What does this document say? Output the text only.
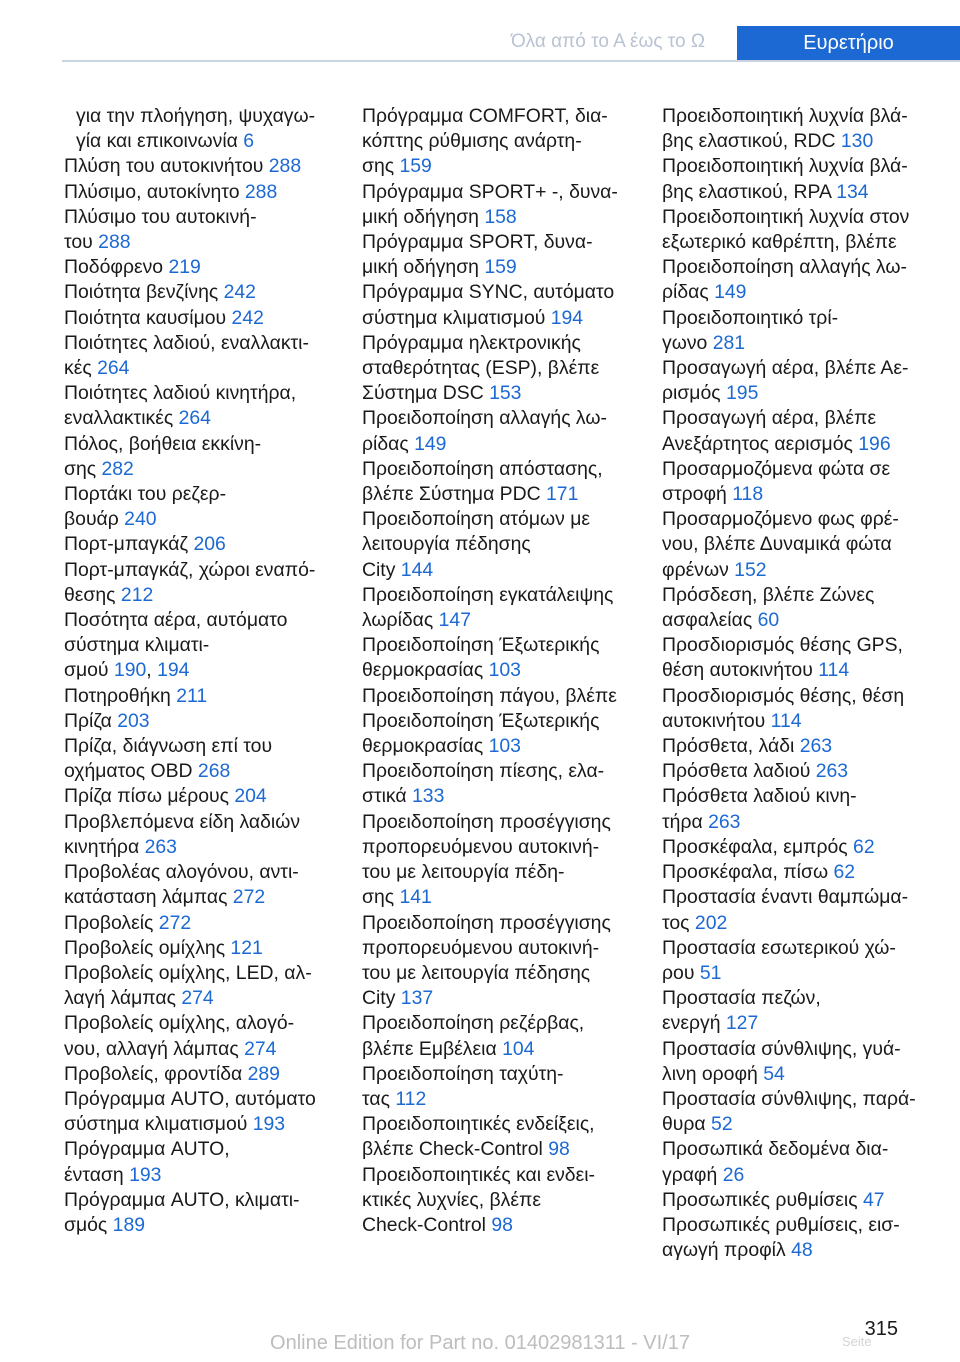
Όλα από το Α έως το Ω	Ευρετήριο
για την πλοήγηση, ψυχαγω-
γία και επικοινωνία 6
Πλύση του αυτοκινήτου 288
Πλύσιμο, αυτοκίνητο 288
Πλύσιμο του αυτοκινή-
του 288
Ποδόφρενο 219
Ποιότητα βενζίνης 242
Ποιότητα καυσίμου 242
Ποιότητες λαδιού, εναλλακτι-
κές 264
Ποιότητες λαδιού κινητήρα,
εναλλακτικές 264
Πόλος, βοήθεια εκκίνη-
σης 282
Πορτάκι του ρεζερ-
βουάρ 240
Πορτ-μπαγκάζ 206
Πορτ-μπαγκάζ, χώροι εναπό-
θεσης 212
Ποσότητα αέρα, αυτόματο
σύστημα κλιματι-
σμού 190, 194
Ποτηροθήκη 211
Πρίζα 203
Πρίζα, διάγνωση επί του
οχήματος OBD 268
Πρίζα πίσω μέρους 204
Προβλεπόμενα είδη λαδιών
κινητήρα 263
Προβολέας αλογόνου, αντι-
κατάσταση λάμπας 272
Προβολείς 272
Προβολείς ομίχλης 121
Προβολείς ομίχλης, LED, αλ-
λαγή λάμπας 274
Προβολείς ομίχλης, αλογό-
νου, αλλαγή λάμπας 274
Προβολείς, φροντίδα 289
Πρόγραμμα AUTO, αυτόματο
σύστημα κλιματισμού 193
Πρόγραμμα AUTO,
ένταση 193
Πρόγραμμα AUTO, κλιματι-
σμός 189
Πρόγραμμα COMFORT, δια-
κόπτης ρύθμισης ανάρτη-
σης 159
Πρόγραμμα SPORT+ -, δυνα-
μική οδήγηση 158
Πρόγραμμα SPORT, δυνα-
μική οδήγηση 159
Πρόγραμμα SYNC, αυτόματο
σύστημα κλιματισμού 194
Πρόγραμμα ηλεκτρονικής
σταθερότητας (ESP), βλέπε
Σύστημα DSC 153
Προειδοποίηση αλλαγής λω-
ρίδας 149
Προειδοποίηση απόστασης,
βλέπε Σύστημα PDC 171
Προειδοποίηση ατόμων με
λειτουργία πέδησης
City 144
Προειδοποίηση εγκατάλειψης
λωρίδας 147
Προειδοποίηση Έξωτερικής
θερμοκρασίας 103
Προειδοποίηση πάγου, βλέπε
Προειδοποίηση Έξωτερικής
θερμοκρασίας 103
Προειδοποίηση πίεσης, ελα-
στικά 133
Προειδοποίηση προσέγγισης
προπορευόμενου αυτοκινή-
του με λειτουργία πέδη-
σης 141
Προειδοποίηση προσέγγισης
προπορευόμενου αυτοκινή-
του με λειτουργία πέδησης
City 137
Προειδοποίηση ρεζέρβας,
βλέπε Εμβέλεια 104
Προειδοποίηση ταχύτη-
τας 112
Προειδοποιητικές ενδείξεις,
βλέπε Check-Control 98
Προειδοποιητικές και ενδει-
κτικές λυχνίες, βλέπε
Check-Control 98
Προειδοποιητική λυχνία βλά-
βης ελαστικού, RDC 130
Προειδοποιητική λυχνία βλά-
βης ελαστικού, RPA 134
Προειδοποιητική λυχνία στον
εξωτερικό καθρέπτη, βλέπε
Προειδοποίηση αλλαγής λω-
ρίδας 149
Προειδοποιητικό τρί-
γωνο 281
Προσαγωγή αέρα, βλέπε Αε-
ρισμός 195
Προσαγωγή αέρα, βλέπε
Ανεξάρτητος αερισμός 196
Προσαρμοζόμενα φώτα σε
στροφή 118
Προσαρμοζόμενο φως φρέ-
νου, βλέπε Δυναμικά φώτα
φρένων 152
Πρόσδεση, βλέπε Ζώνες
ασφαλείας 60
Προσδιορισμός θέσης GPS,
θέση αυτοκινήτου 114
Προσδιορισμός θέσης, θέση
αυτοκινήτου 114
Πρόσθετα, λάδι 263
Πρόσθετα λαδιού 263
Πρόσθετα λαδιού κινη-
τήρα 263
Προσκέφαλα, εμπρός 62
Προσκέφαλα, πίσω 62
Προστασία έναντι θαμπώμα-
τος 202
Προστασία εσωτερικού χώ-
ρου 51
Προστασία πεζών,
ενεργή 127
Προστασία σύνθλιψης, γυά-
λινη οροφή 54
Προστασία σύνθλιψης, παρά-
θυρα 52
Προσωπικά δεδομένα δια-
γραφή 26
Προσωπικές ρυθμίσεις 47
Προσωπικές ρυθμίσεις, εισ-
αγωγή προφίλ 48
315
Seite
Online Edition for Part no. 01402981311 - VI/17
